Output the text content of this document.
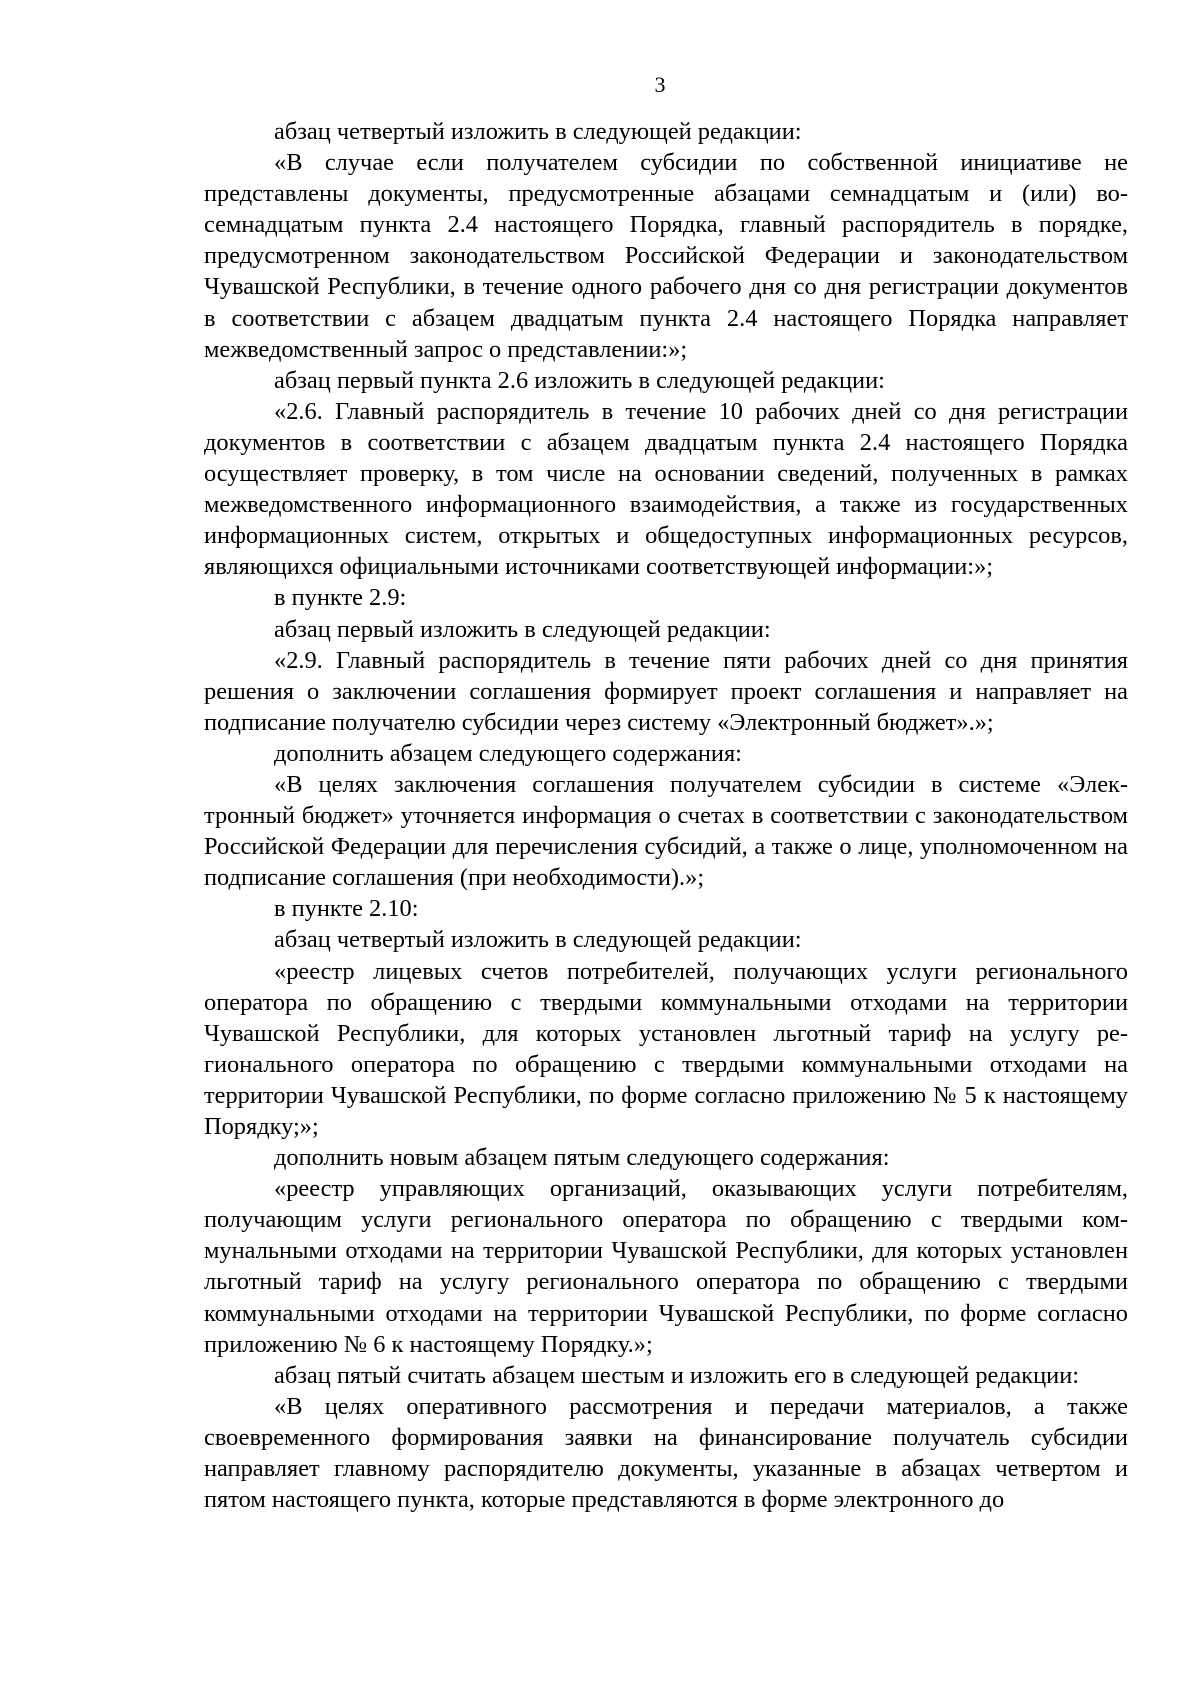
3

абзац четвертый изложить в следующей редакции:

«В случае если получателем субсидии по собственной инициативе не представлены документы, предусмотренные абзацами семнадцатым и (или) восемнадцатым пункта 2.4 настоящего Порядка, главный распорядитель в порядке, предусмотренном законодательством Российской Федерации и законодательством Чувашской Республики, в течение одного рабочего дня со дня регистрации документов в соответствии с абзацем двадцатым пункта 2.4 настоящего Порядка направляет межведомственный запрос о представлении:»;

абзац первый пункта 2.6 изложить в следующей редакции:

«2.6. Главный распорядитель в течение 10 рабочих дней со дня регистрации документов в соответствии с абзацем двадцатым пункта 2.4 настоящего Порядка осуществляет проверку, в том числе на основании сведений, полученных в рамках межведомственного информационного взаимодействия, а также из государственных информационных систем, открытых и общедоступных информационных ресурсов, являющихся официальными источниками соответствующей информации:»;

в пункте 2.9:

абзац первый изложить в следующей редакции:

«2.9. Главный распорядитель в течение пяти рабочих дней со дня принятия решения о заключении соглашения формирует проект соглашения и направляет на подписание получателю субсидии через систему «Электронный бюджет».»;

дополнить абзацем следующего содержания:

«В целях заключения соглашения получателем субсидии в системе «Электронный бюджет» уточняется информация о счетах в соответствии с законодательством Российской Федерации для перечисления субсидий, а также о лице, уполномоченном на подписание соглашения (при необходимости).»;

в пункте 2.10:

абзац четвертый изложить в следующей редакции:

«реестр лицевых счетов потребителей, получающих услуги регионального оператора по обращению с твердыми коммунальными отходами на территории Чувашской Республики, для которых установлен льготный тариф на услугу регионального оператора по обращению с твердыми коммунальными отходами на территории Чувашской Республики, по форме согласно приложению № 5 к настоящему Порядку;»;

дополнить новым абзацем пятым следующего содержания:

«реестр управляющих организаций, оказывающих услуги потребителям, получающим услуги регионального оператора по обращению с твердыми коммунальными отходами на территории Чувашской Республики, для которых установлен льготный тариф на услугу регионального оператора по обращению с твердыми коммунальными отходами на территории Чувашской Республики, по форме согласно приложению № 6 к настоящему Порядку.»;

абзац пятый считать абзацем шестым и изложить его в следующей редакции:

«В целях оперативного рассмотрения и передачи материалов, а также своевременного формирования заявки на финансирование получатель субсидии направляет главному распорядителю документы, указанные в абзацах четвертом и пятом настоящего пункта, которые представляются в форме электронного до
